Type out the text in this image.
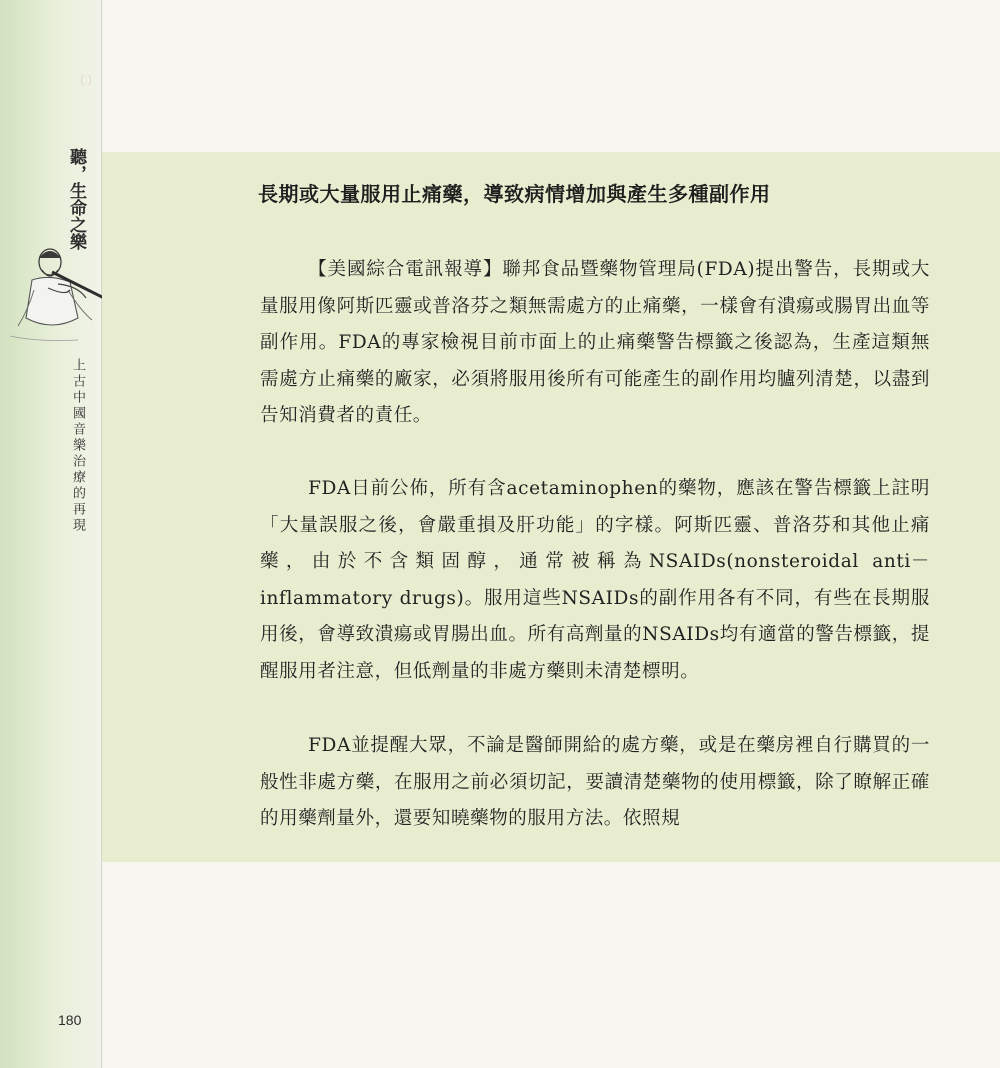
〔 〕
聽，生命之樂
上古中國音樂治療的再現
180
長期或大量服用止痛藥，導致病情增加與產生多種副作用

【美國綜合電訊報導】聯邦食品暨藥物管理局(FDA)提出警告，長期或大量服用像阿斯匹靈或普洛芬之類無需處方的止痛藥，一樣會有潰瘍或腸胃出血等副作用。FDA的專家檢視目前市面上的止痛藥警告標籤之後認為，生產這類無需處方止痛藥的廠家，必須將服用後所有可能產生的副作用均臚列清楚，以盡到告知消費者的責任。

FDA日前公佈，所有含acetaminophen的藥物，應該在警告標籤上註明「大量誤服之後，會嚴重損及肝功能」的字樣。阿斯匹靈、普洛芬和其他止痛藥，由於不含類固醇，通常被稱為NSAIDs(nonsteroidal anti－inflammatory drugs)。服用這些NSAIDs的副作用各有不同，有些在長期服用後，會導致潰瘍或胃腸出血。所有高劑量的NSAIDs均有適當的警告標籤，提醒服用者注意，但低劑量的非處方藥則未清楚標明。

FDA並提醒大眾，不論是醫師開給的處方藥，或是在藥房裡自行購買的一般性非處方藥，在服用之前必須切記，要讀清楚藥物的使用標籤，除了瞭解正確的用藥劑量外，還要知曉藥物的服用方法。依照規
